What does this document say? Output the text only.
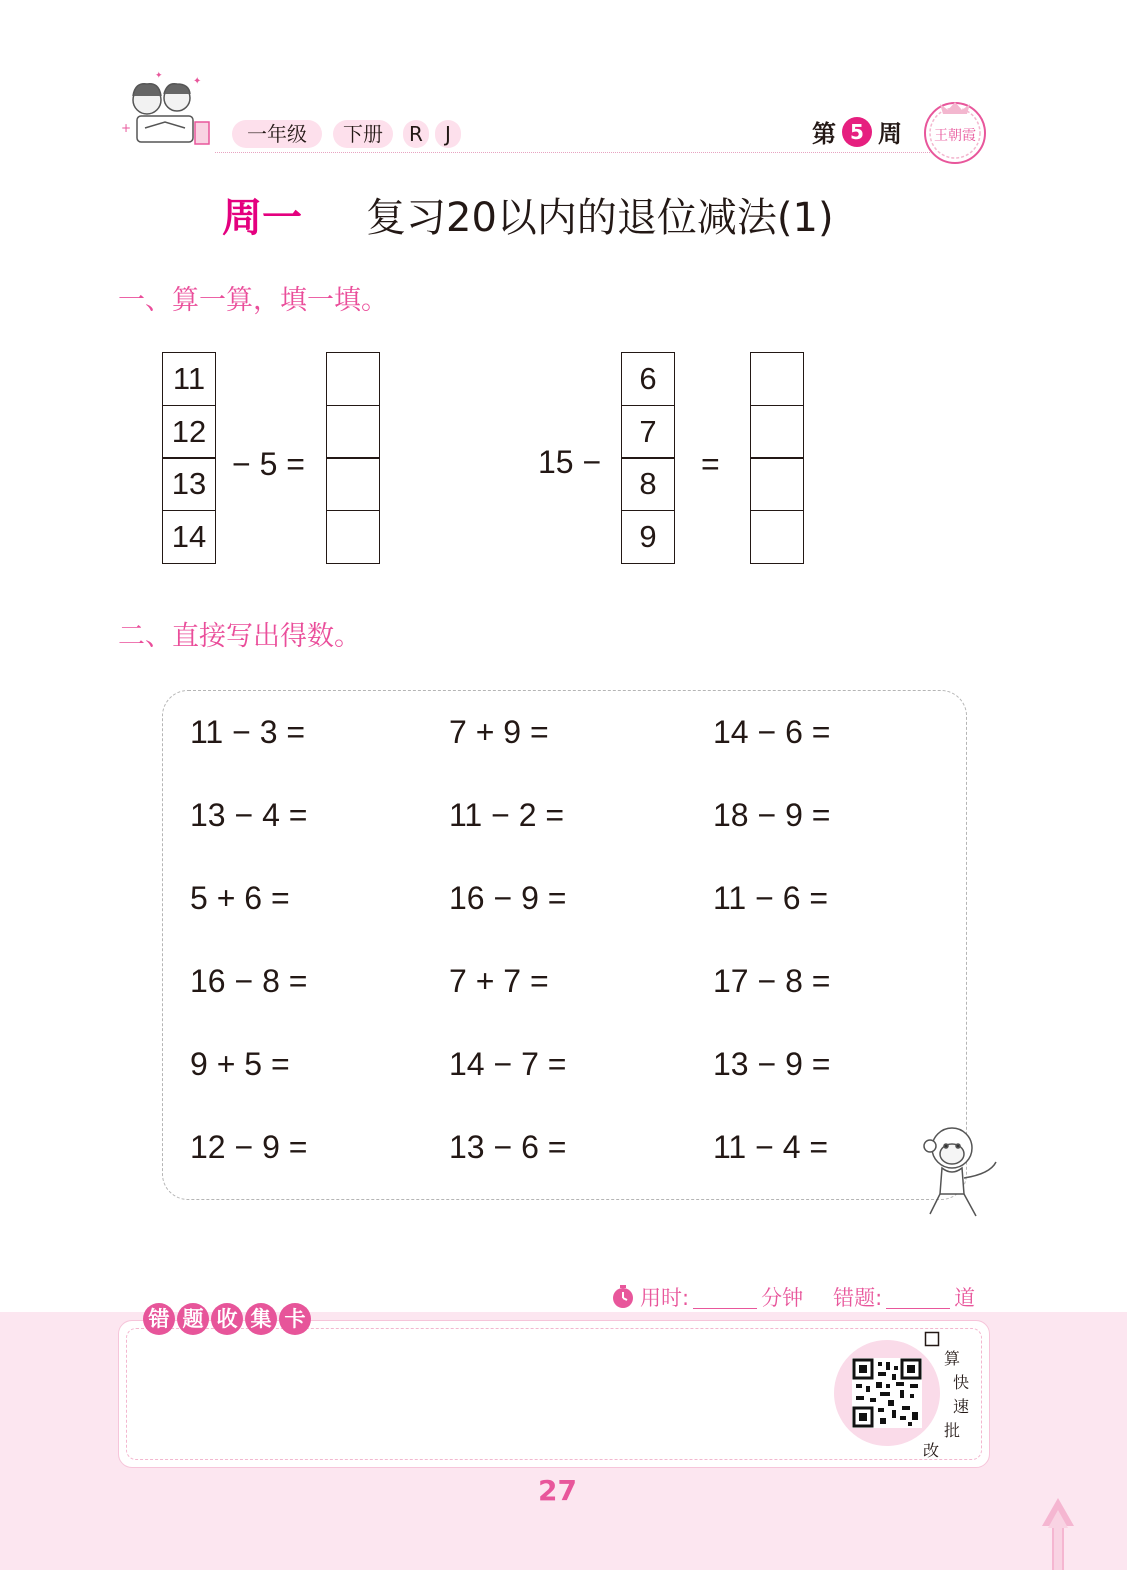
+
✦
✦
一年级	下册	R	J	第 5 周 王朝霞
周一 复习20以内的退位减法(1)
一、算一算，填一填。
11
12
13
14
− 5 =	15 −
6
7
8
9
=
二、直接写出得数。
11 − 3 =	7 + 9 =	14 − 6 =
13 − 4 =	11 − 2 =	18 − 9 =
5 + 6 =	16 − 9 =	11 − 6 =
16 − 8 =	7 + 7 =	17 − 8 =
9 + 5 =	14 − 7 =	13 − 9 =
12 − 9 =	13 − 6 =	11 − 4 =
用时:	分钟 错题:	道
错 题 收 集 卡
算
快
速
批
改
27
